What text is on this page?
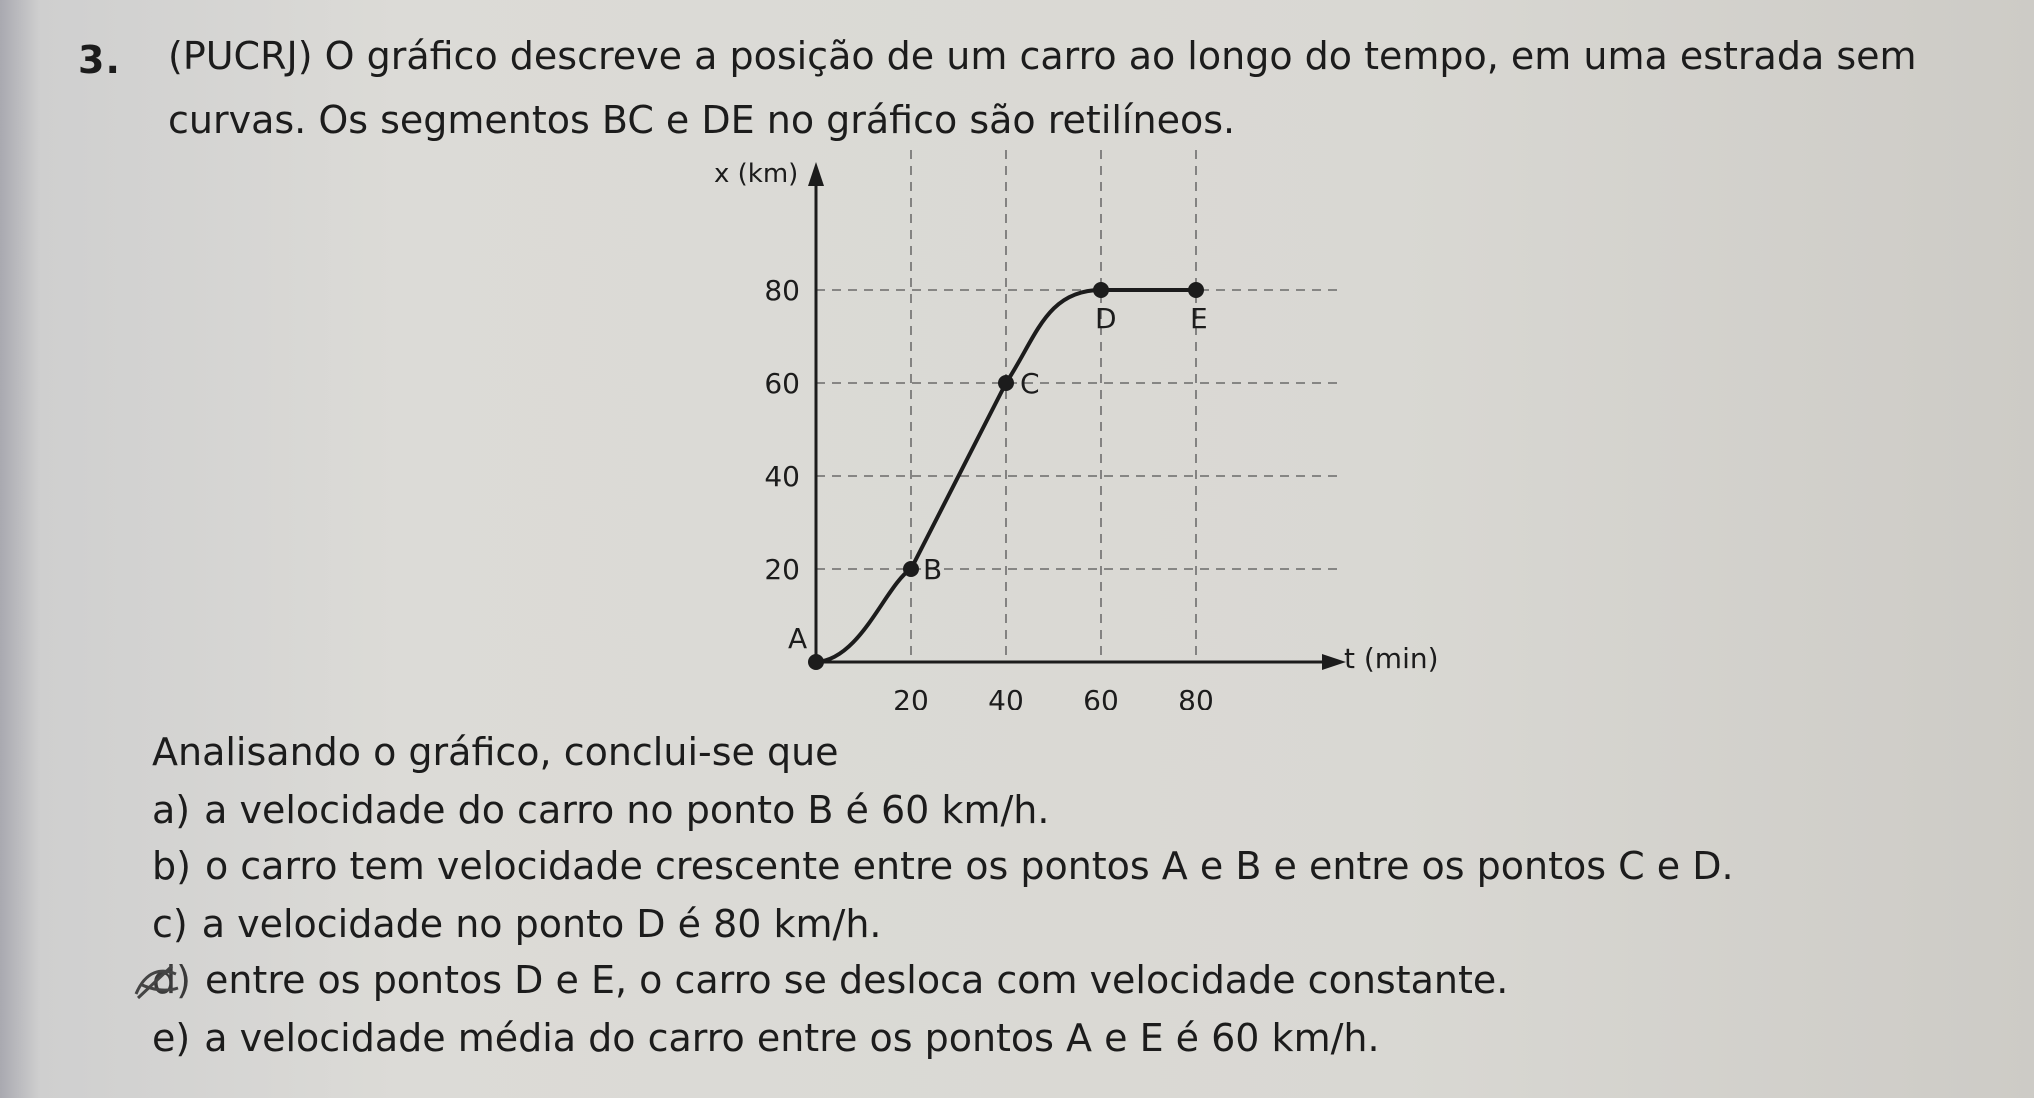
3. (PUCRJ) O gráfico descreve a posição de um carro ao longo do tempo, em uma estrada sem
curvas. Os segmentos BC e DE no gráfico são retilíneos.
x (km)
t (min)
20
40
60
80
20 40 60 80
A
B
C
D	E
Analisando o gráfico, conclui-se que
a) a velocidade do carro no ponto B é 60 km/h.
b) o carro tem velocidade crescente entre os pontos A e B e entre os pontos C e D.
c) a velocidade no ponto D é 80 km/h.
d) entre os pontos D e E, o carro se desloca com velocidade constante.
e) a velocidade média do carro entre os pontos A e E é 60 km/h.
